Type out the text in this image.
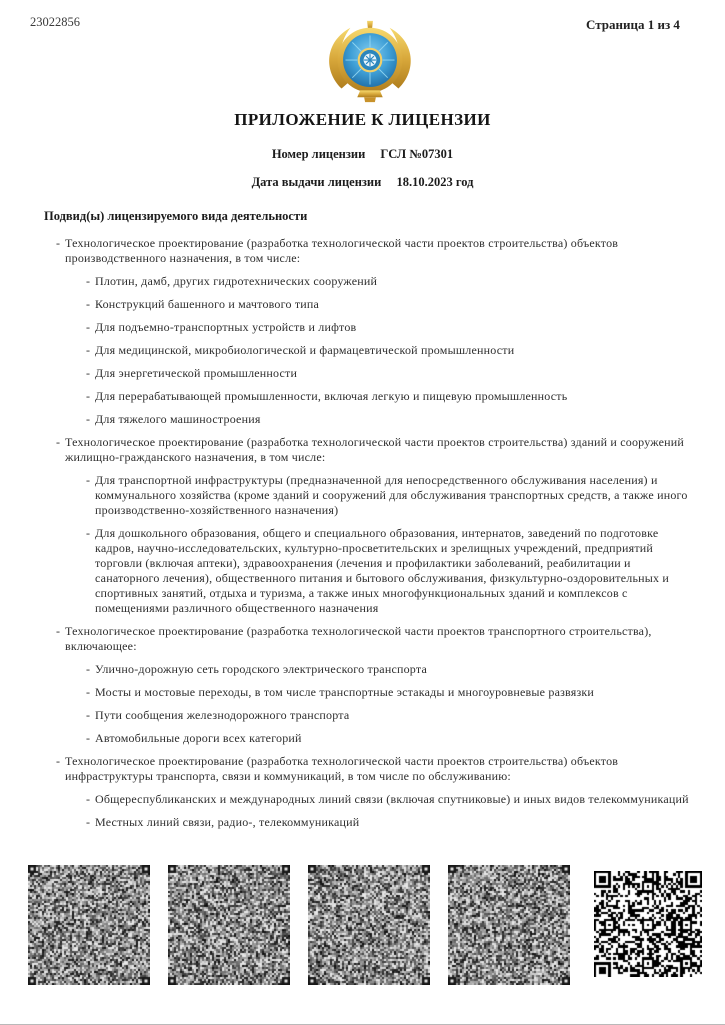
23022856	Страница 1 из 4
ПРИЛОЖЕНИЕ К ЛИЦЕНЗИИ
Номер лицензии ГСЛ №07301
Дата выдачи лицензии 18.10.2023 год
Подвид(ы) лицензируемого вида деятельности
- Технологическое проектирование (разработка технологической части проектов строительства) объектов производственного назначения, в том числе:
- Плотин, дамб, других гидротехнических сооружений
- Конструкций башенного и мачтового типа
- Для подъемно-транспортных устройств и лифтов
- Для медицинской, микробиологической и фармацевтической промышленности
- Для энергетической промышленности
- Для перерабатывающей промышленности, включая легкую и пищевую промышленность
- Для тяжелого машиностроения
- Технологическое проектирование (разработка технологической части проектов строительства) зданий и сооружений жилищно-гражданского назначения, в том числе:
- Для транспортной инфраструктуры (предназначенной для непосредственного обслуживания населения) и коммунального хозяйства (кроме зданий и сооружений для обслуживания транспортных средств, а также иного производственно-хозяйственного назначения)
- Для дошкольного образования, общего и специального образования, интернатов, заведений по подготовке кадров, научно-исследовательских, культурно-просветительских и зрелищных учреждений, предприятий торговли (включая аптеки), здравоохранения (лечения и профилактики заболеваний, реабилитации и санаторного лечения), общественного питания и бытового обслуживания, физкультурно-оздоровительных и спортивных занятий, отдыха и туризма, а также иных многофункциональных зданий и комплексов с помещениями различного общественного назначения
- Технологическое проектирование (разработка технологической части проектов транспортного строительства), включающее:
- Улично-дорожную сеть городского электрического транспорта
- Мосты и мостовые переходы, в том числе транспортные эстакады и многоуровневые развязки
- Пути сообщения железнодорожного транспорта
- Автомобильные дороги всех категорий
- Технологическое проектирование (разработка технологической части проектов строительства) объектов инфраструктуры транспорта, связи и коммуникаций, в том числе по обслуживанию:
- Общереспубликанских и международных линий связи (включая спутниковые) и иных видов телекоммуникаций
- Местных линий связи, радио-, телекоммуникаций
